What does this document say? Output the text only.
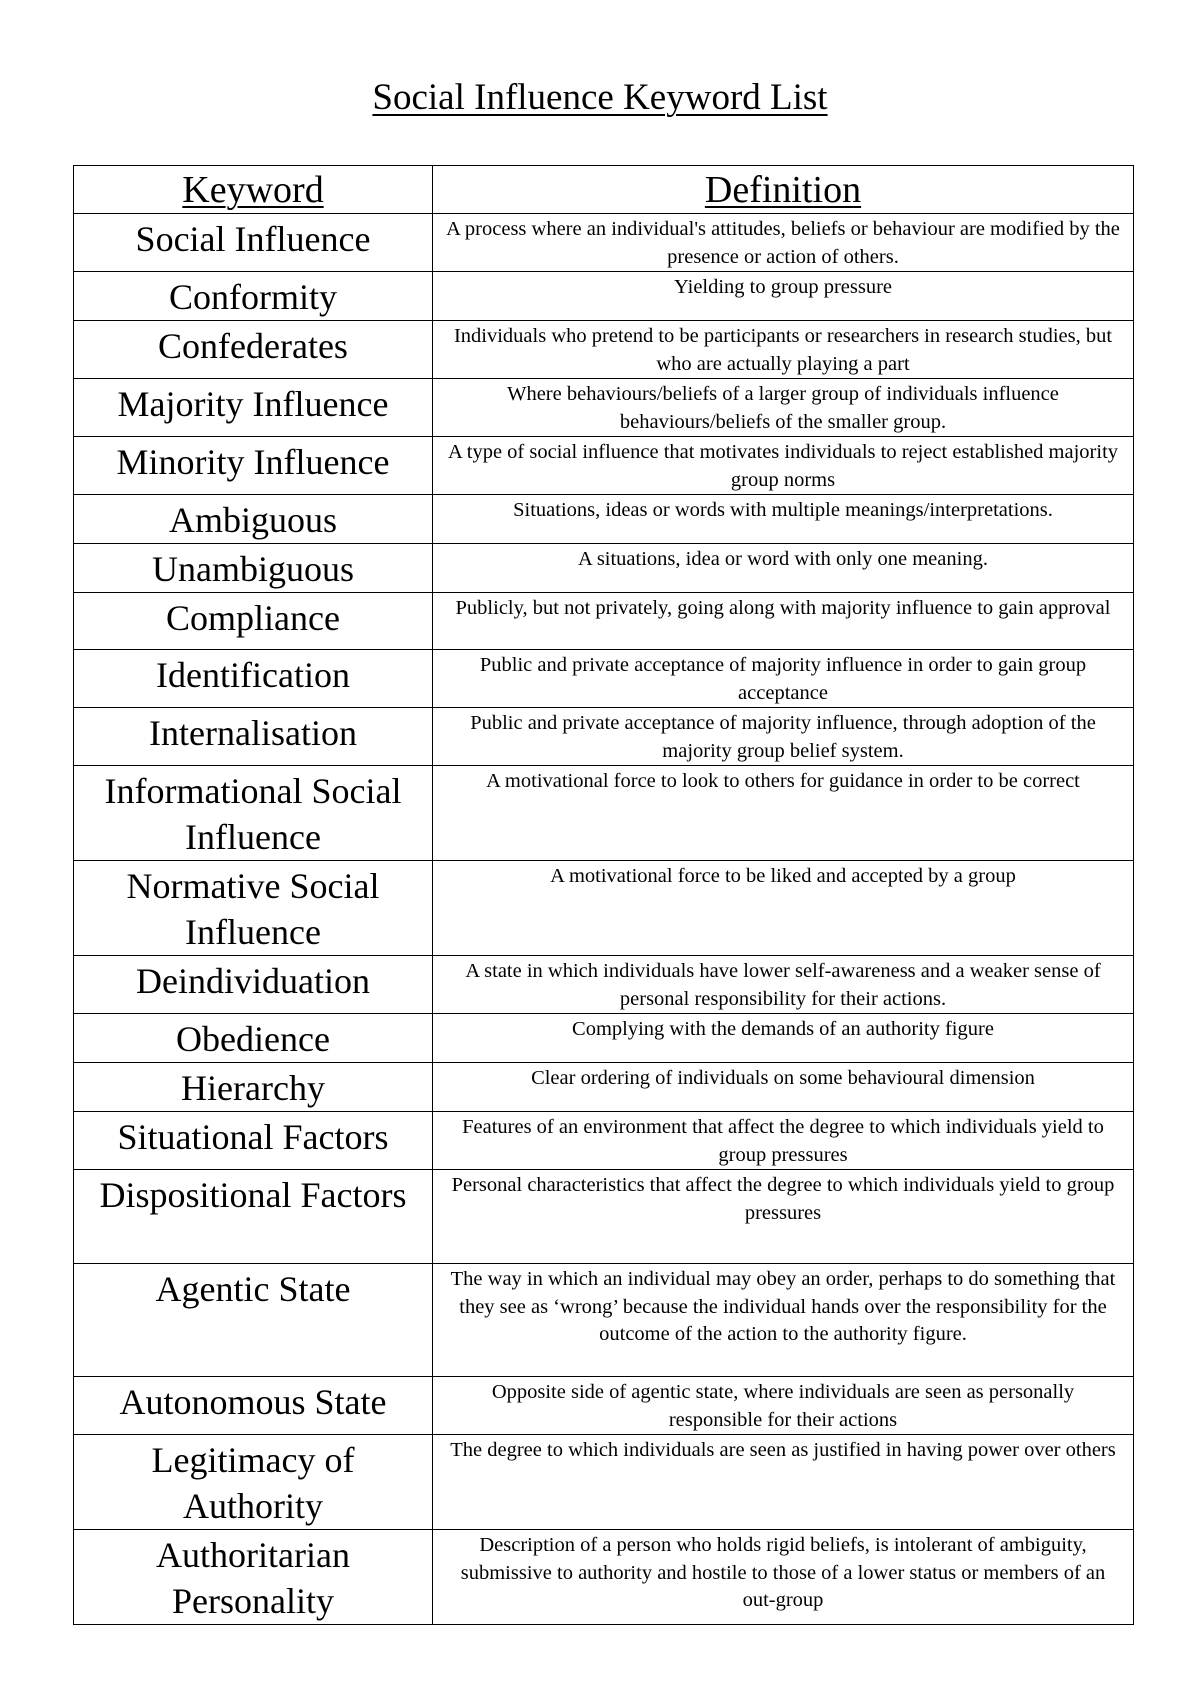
Social Influence Keyword List
Keyword	Definition
Social Influence	A process where an individual's attitudes, beliefs or behaviour are modified by the presence or action of others.
Conformity	Yielding to group pressure
Confederates	Individuals who pretend to be participants or researchers in research studies, but who are actually playing a part
Majority Influence	Where behaviours/beliefs of a larger group of individuals influence behaviours/beliefs of the smaller group.
Minority Influence	A type of social influence that motivates individuals to reject established majority group norms
Ambiguous	Situations, ideas or words with multiple meanings/interpretations.
Unambiguous	A situations, idea or word with only one meaning.
Compliance	Publicly, but not privately, going along with majority influence to gain approval
Identification	Public and private acceptance of majority influence in order to gain group acceptance
Internalisation	Public and private acceptance of majority influence, through adoption of the majority group belief system.
Informational Social Influence	A motivational force to look to others for guidance in order to be correct
Normative Social Influence	A motivational force to be liked and accepted by a group
Deindividuation	A state in which individuals have lower self-awareness and a weaker sense of personal responsibility for their actions.
Obedience	Complying with the demands of an authority figure
Hierarchy	Clear ordering of individuals on some behavioural dimension
Situational Factors	Features of an environment that affect the degree to which individuals yield to group pressures
Dispositional Factors	Personal characteristics that affect the degree to which individuals yield to group pressures
Agentic State	The way in which an individual may obey an order, perhaps to do something that they see as ‘wrong’ because the individual hands over the responsibility for the outcome of the action to the authority figure.
Autonomous State	Opposite side of agentic state, where individuals are seen as personally responsible for their actions
Legitimacy of Authority	The degree to which individuals are seen as justified in having power over others
Authoritarian Personality	Description of a person who holds rigid beliefs, is intolerant of ambiguity, submissive to authority and hostile to those of a lower status or members of an out-group
